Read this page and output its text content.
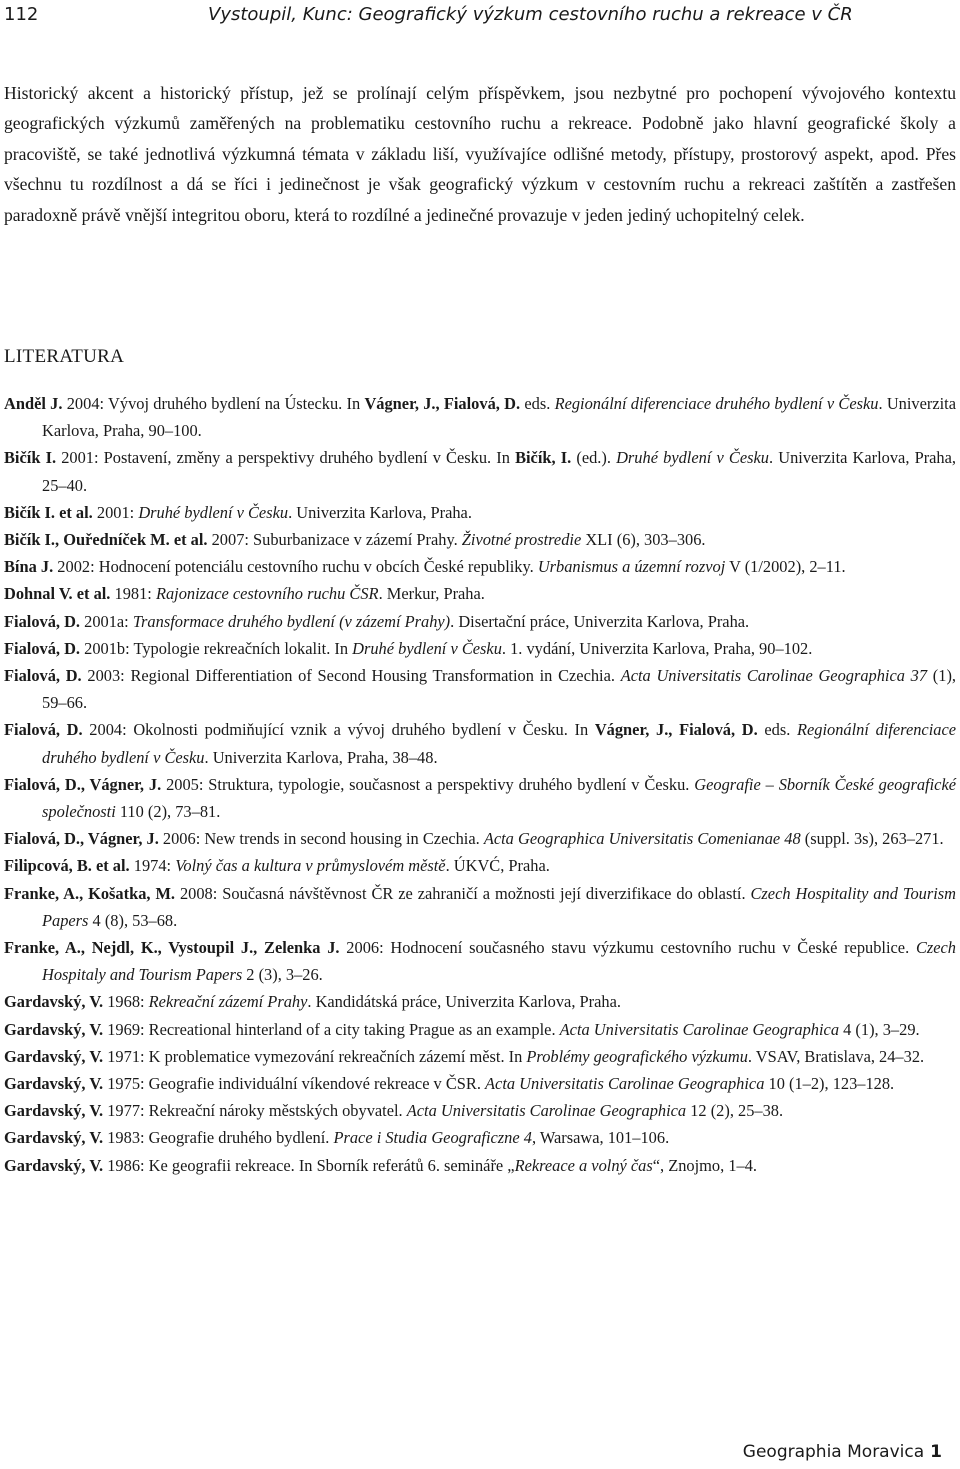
112	Vystoupil, Kunc: Geografický výzkum cestovního ruchu a rekreace v ČR

Historický akcent a historický přístup, jež se prolínají celým příspěvkem, jsou nezbytné pro pochopení vývojového kontextu geografických výzkumů zaměřených na problematiku cestovního ruchu a rekreace. Podobně jako hlavní geografické školy a pracoviště, se také jednotlivá výzkumná témata v základu liší, využívajíce odlišné metody, přístupy, prostorový aspekt, apod. Přes všechnu tu rozdílnost a dá se říci i jedinečnost je však geografický výzkum v cestovním ruchu a rekreaci zaštítěn a zastřešen paradoxně právě vnější integritou oboru, která to rozdílné a jedinečné provazuje v jeden jediný uchopitelný celek.

LITERATURA

Anděl J. 2004: Vývoj druhého bydlení na Ústecku. In Vágner, J., Fialová, D. eds. Regionální diferenciace druhého bydlení v Česku. Univerzita Karlova, Praha, 90–100.

Bičík I. 2001: Postavení, změny a perspektivy druhého bydlení v Česku. In Bičík, I. (ed.). Druhé bydlení v Česku. Univerzita Karlova, Praha, 25–40.

Bičík I. et al. 2001: Druhé bydlení v Česku. Univerzita Karlova, Praha.

Bičík I., Ouředníček M. et al. 2007: Suburbanizace v zázemí Prahy. Životné prostredie XLI (6), 303–306.

Bína J. 2002: Hodnocení potenciálu cestovního ruchu v obcích České republiky. Urbanismus a územní rozvoj V (1/2002), 2–11.

Dohnal V. et al. 1981: Rajonizace cestovního ruchu ČSR. Merkur, Praha.

Fialová, D. 2001a: Transformace druhého bydlení (v zázemí Prahy). Disertační práce, Univerzita Karlova, Praha.

Fialová, D. 2001b: Typologie rekreačních lokalit. In Druhé bydlení v Česku. 1. vydání, Univerzita Karlova, Praha, 90–102.

Fialová, D. 2003: Regional Differentiation of Second Housing Transformation in Czechia. Acta Universitatis Carolinae Geographica 37 (1), 59–66.

Fialová, D. 2004: Okolnosti podmiňující vznik a vývoj druhého bydlení v Česku. In Vágner, J., Fialová, D. eds. Regionální diferenciace druhého bydlení v Česku. Univerzita Karlova, Praha, 38–48.

Fialová, D., Vágner, J. 2005: Struktura, typologie, současnost a perspektivy druhého bydlení v Česku. Geografie – Sborník České geografické společnosti 110 (2), 73–81.

Fialová, D., Vágner, J. 2006: New trends in second housing in Czechia. Acta Geographica Universitatis Comenianae 48 (suppl. 3s), 263–271.

Filipcová, B. et al. 1974: Volný čas a kultura v průmyslovém městě. ÚKVĆ, Praha.

Franke, A., Košatka, M. 2008: Současná návštěvnost ČR ze zahraničí a možnosti její diverzifikace do oblastí. Czech Hospitality and Tourism Papers 4 (8), 53–68.

Franke, A., Nejdl, K., Vystoupil J., Zelenka J. 2006: Hodnocení současného stavu výzkumu cestovního ruchu v České republice. Czech Hospitaly and Tourism Papers 2 (3), 3–26.

Gardavský, V. 1968: Rekreační zázemí Prahy. Kandidátská práce, Univerzita Karlova, Praha.

Gardavský, V. 1969: Recreational hinterland of a city taking Prague as an example. Acta Universitatis Carolinae Geographica 4 (1), 3–29.

Gardavský, V. 1971: K problematice vymezování rekreačních zázemí měst. In Problémy geografického výzkumu. VSAV, Bratislava, 24–32.

Gardavský, V. 1975: Geografie individuální víkendové rekreace v ČSR. Acta Universitatis Carolinae Geographica 10 (1–2), 123–128.

Gardavský, V. 1977: Rekreační nároky městských obyvatel. Acta Universitatis Carolinae Geographica 12 (2), 25–38.

Gardavský, V. 1983: Geografie druhého bydlení. Prace i Studia Geograficzne 4, Warsawa, 101–106.

Gardavský, V. 1986: Ke geografii rekreace. In Sborník referátů 6. semináře „Rekreace a volný čas“, Znojmo, 1–4.

Geographia Moravica 1
